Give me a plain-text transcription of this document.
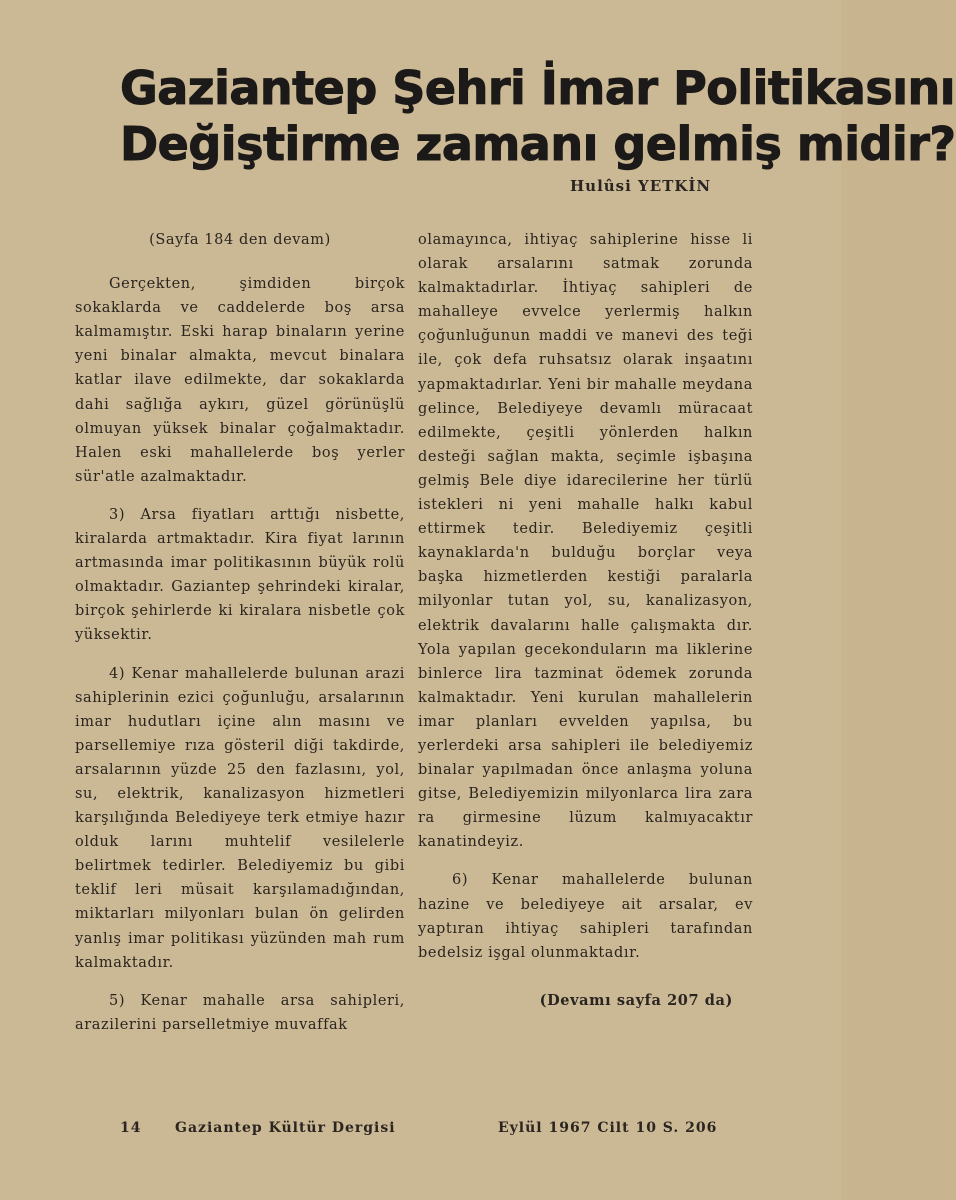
Gaziantep Şehri İmar Politikasını
Değiştirme zamanı gelmiş midir?
Hulûsi YETKİN

(Sayfa 184 den devam)

Gerçekten, şimdiden birçok sokaklarda ve caddelerde boş arsa kalmamıştır. Eski harap binaların yerine yeni binalar almakta, mevcut binalara katlar ilave edilmekte, dar sokaklarda dahi sağlığa aykırı, güzel görünüşlü olmuyan yüksek binalar çoğalmaktadır. Halen eski mahallelerde boş yerler sür'atle azalmaktadır.

3) Arsa fiyatları arttığı nisbette, kiralarda artmaktadır. Kira fiyat larının artmasında imar politikasının büyük rolü olmaktadır. Gaziantep şehrindeki kiralar, birçok şehirlerde ki kiralara nisbetle çok yüksektir.

4) Kenar mahallelerde bulunan arazi sahiplerinin ezici çoğunluğu, arsalarının imar hudutları içine alın masını ve parsellemiye rıza gösteril diği takdirde, arsalarının yüzde 25 den fazlasını, yol, su, elektrik, kanalizasyon hizmetleri karşılığında Belediyeye terk etmiye hazır olduk larını muhtelif vesilelerle belirtmek tedirler. Belediyemiz bu gibi teklif leri müsait karşılamadığından, miktarları milyonları bulan ön gelirden yanlış imar politikası yüzünden mah rum kalmaktadır.

5) Kenar mahalle arsa sahipleri, arazilerini parselletmiye muvaffak

olamayınca, ihtiyaç sahiplerine hisse li olarak arsalarını satmak zorunda kalmaktadırlar. İhtiyaç sahipleri de mahalleye evvelce yerlermiş halkın çoğunluğunun maddi ve manevi des teği ile, çok defa ruhsatsız olarak inşaatını yapmaktadırlar. Yeni bir mahalle meydana gelince, Belediyeye devamlı müracaat edilmekte, çeşitli yönlerden halkın desteği sağlan makta, seçimle işbaşına gelmiş Bele diye idarecilerine her türlü istekleri ni yeni mahalle halkı kabul ettirmek tedir. Belediyemiz çeşitli kaynaklarda'n bulduğu borçlar veya başka hizmetlerden kestiği paralarla milyonlar tutan yol, su, kanalizasyon, elektrik davalarını halle çalışmakta dır. Yola yapılan gecekonduların ma liklerine binlerce lira tazminat ödemek zorunda kalmaktadır. Yeni kurulan mahallelerin imar planları evvelden yapılsa, bu yerlerdeki arsa sahipleri ile belediyemiz binalar yapılmadan önce anlaşma yoluna gitse, Belediyemizin milyonlarca lira zara ra girmesine lüzum kalmıyacaktır kanatindeyiz.

6) Kenar mahallelerde bulunan hazine ve belediyeye ait arsalar, ev yaptıran ihtiyaç sahipleri tarafından bedelsiz işgal olunmaktadır.

(Devamı sayfa 207 da)

14 Gaziantep Kültür Dergisi	Eylül 1967 Cilt 10 S. 206
